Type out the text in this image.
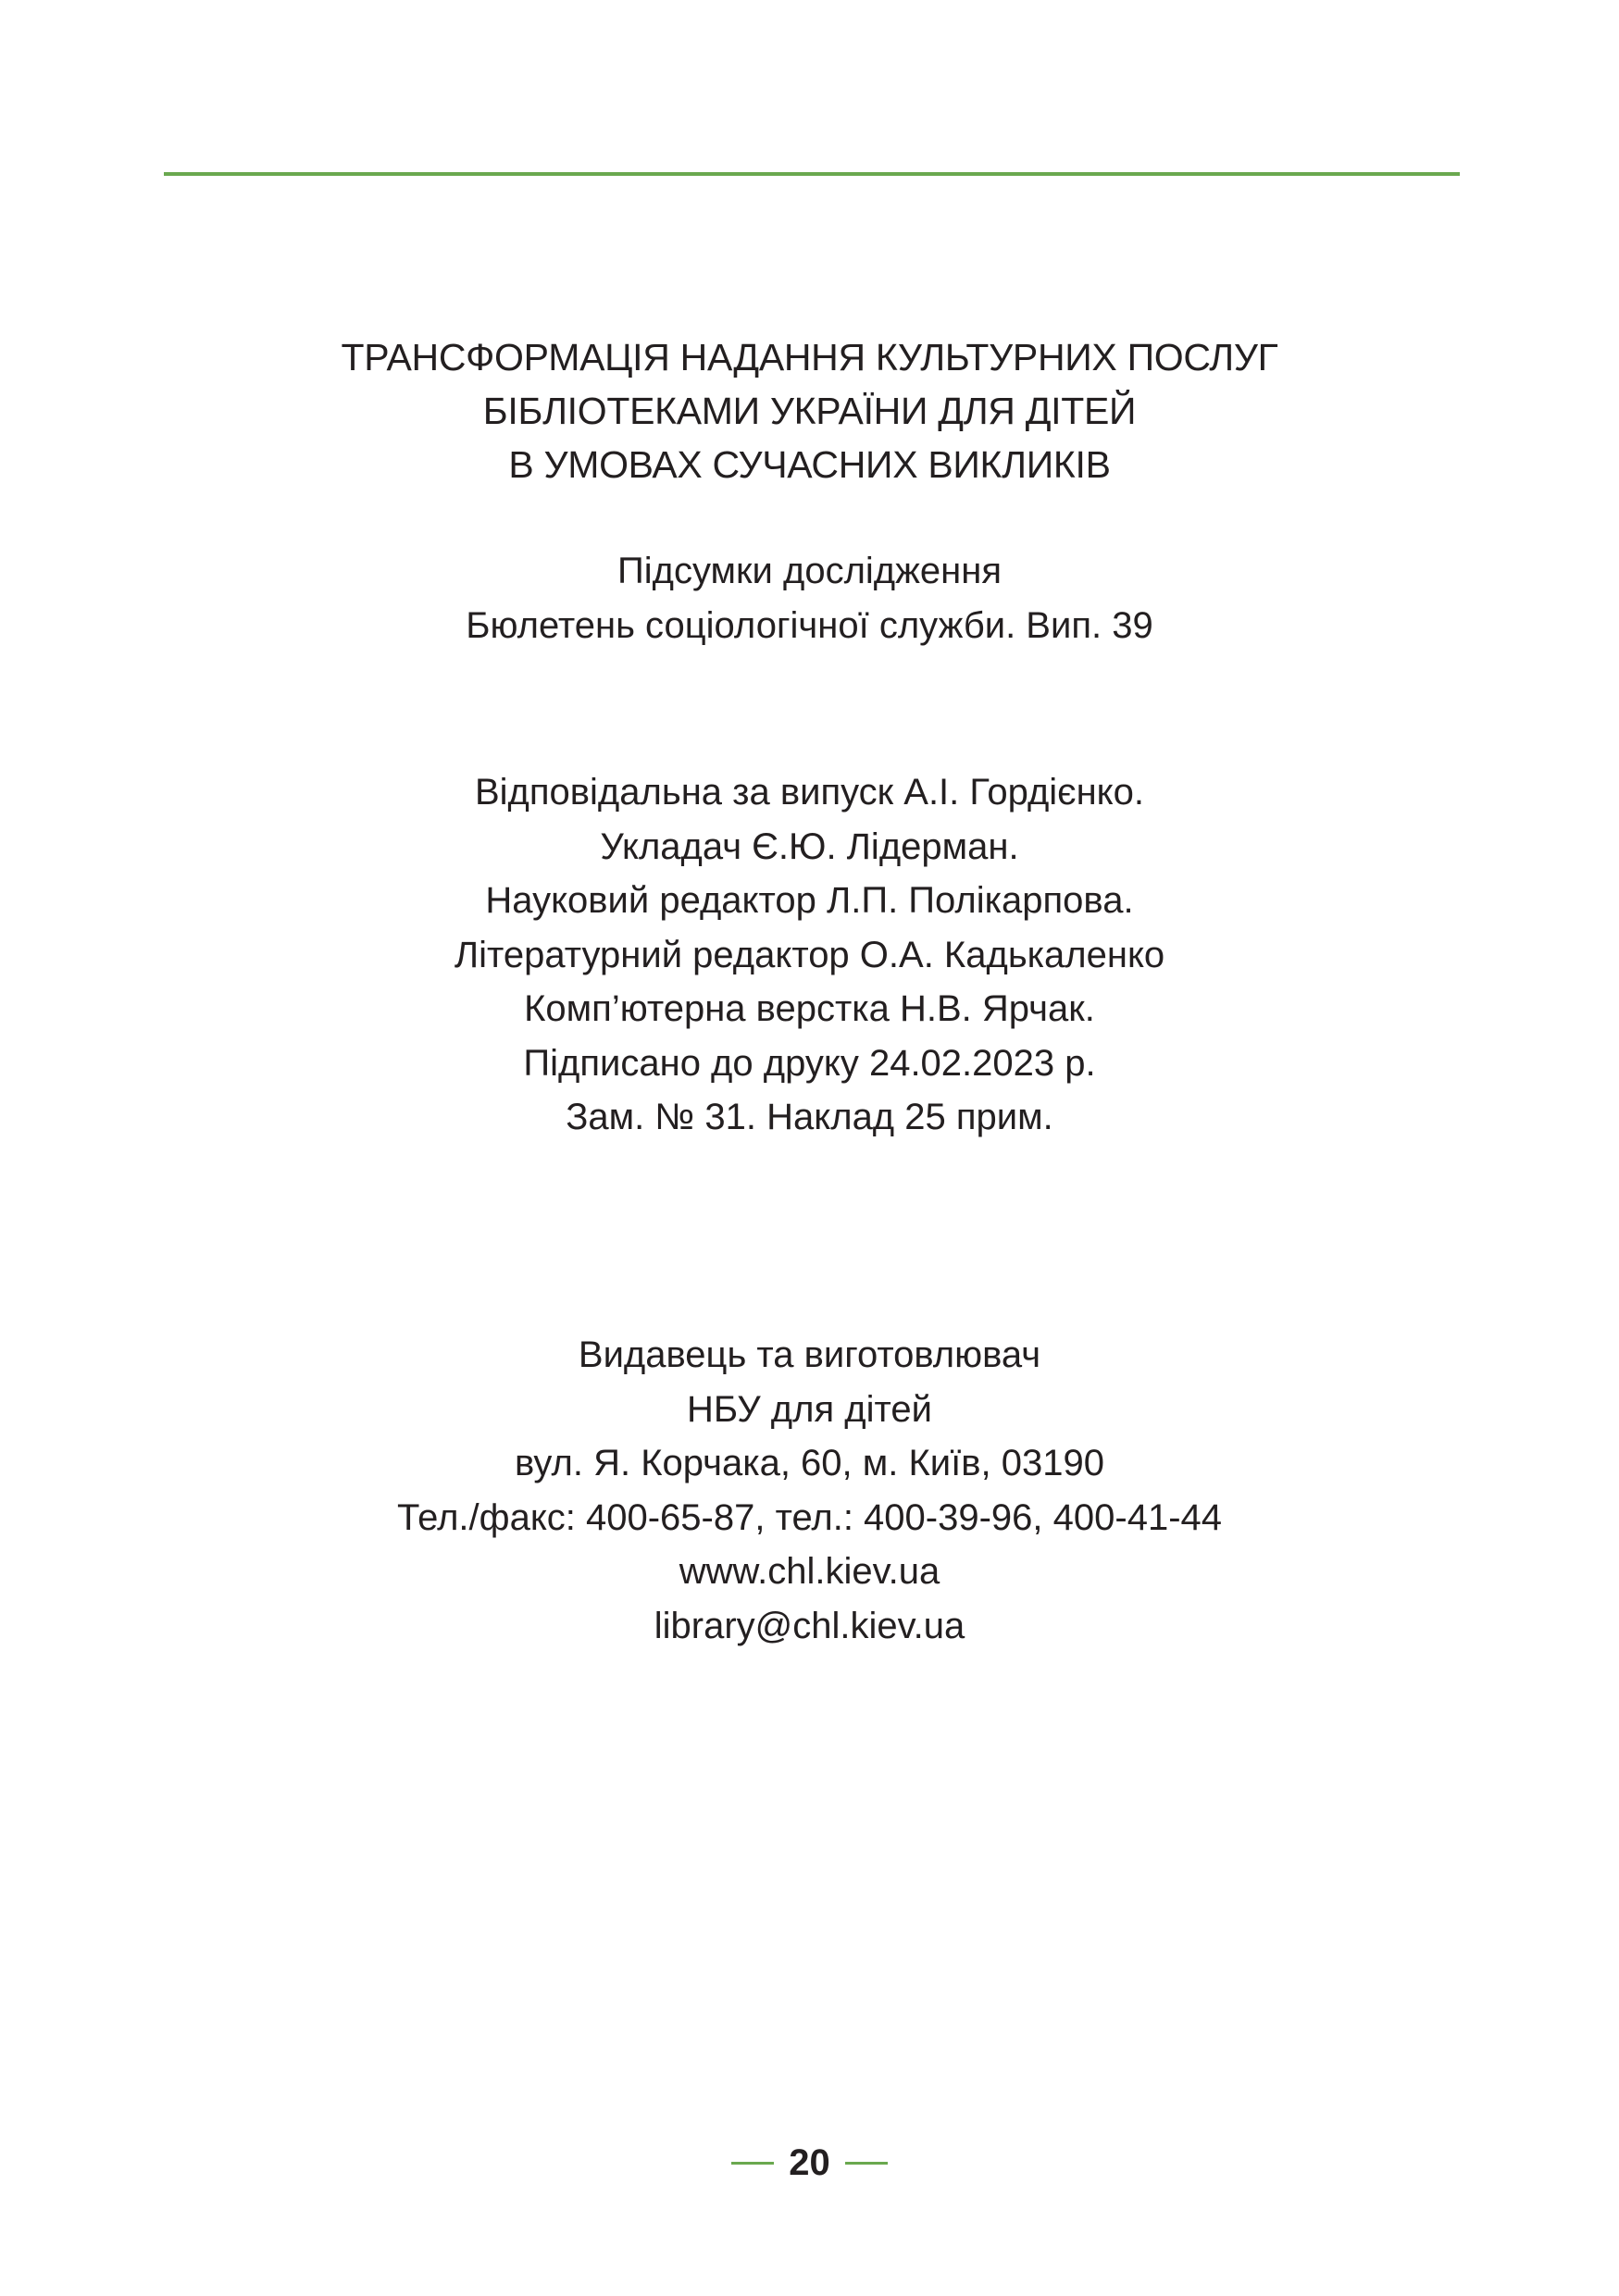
ТРАНСФОРМАЦІЯ НАДАННЯ КУЛЬТУРНИХ ПОСЛУГ
БІБЛІОТЕКАМИ УКРАЇНИ ДЛЯ ДІТЕЙ
В УМОВАХ СУЧАСНИХ ВИКЛИКІВ
Підсумки дослідження
Бюлетень соціологічної служби. Вип. 39
Відповідальна за випуск А.І. Гордієнко.
Укладач Є.Ю. Лідерман.
Науковий редактор Л.П. Полікарпова.
Літературний редактор О.А. Кадькаленко
Комп’ютерна верстка Н.В. Ярчак.
Підписано до друку 24.02.2023 р.
Зам. № 31. Наклад 25 прим.
Видавець та виготовлювач
НБУ для дітей
вул. Я. Корчака, 60, м. Київ, 03190
Тел./факс: 400-65-87, тел.: 400-39-96, 400-41-44
www.chl.kiev.ua
library@chl.kiev.ua
20
